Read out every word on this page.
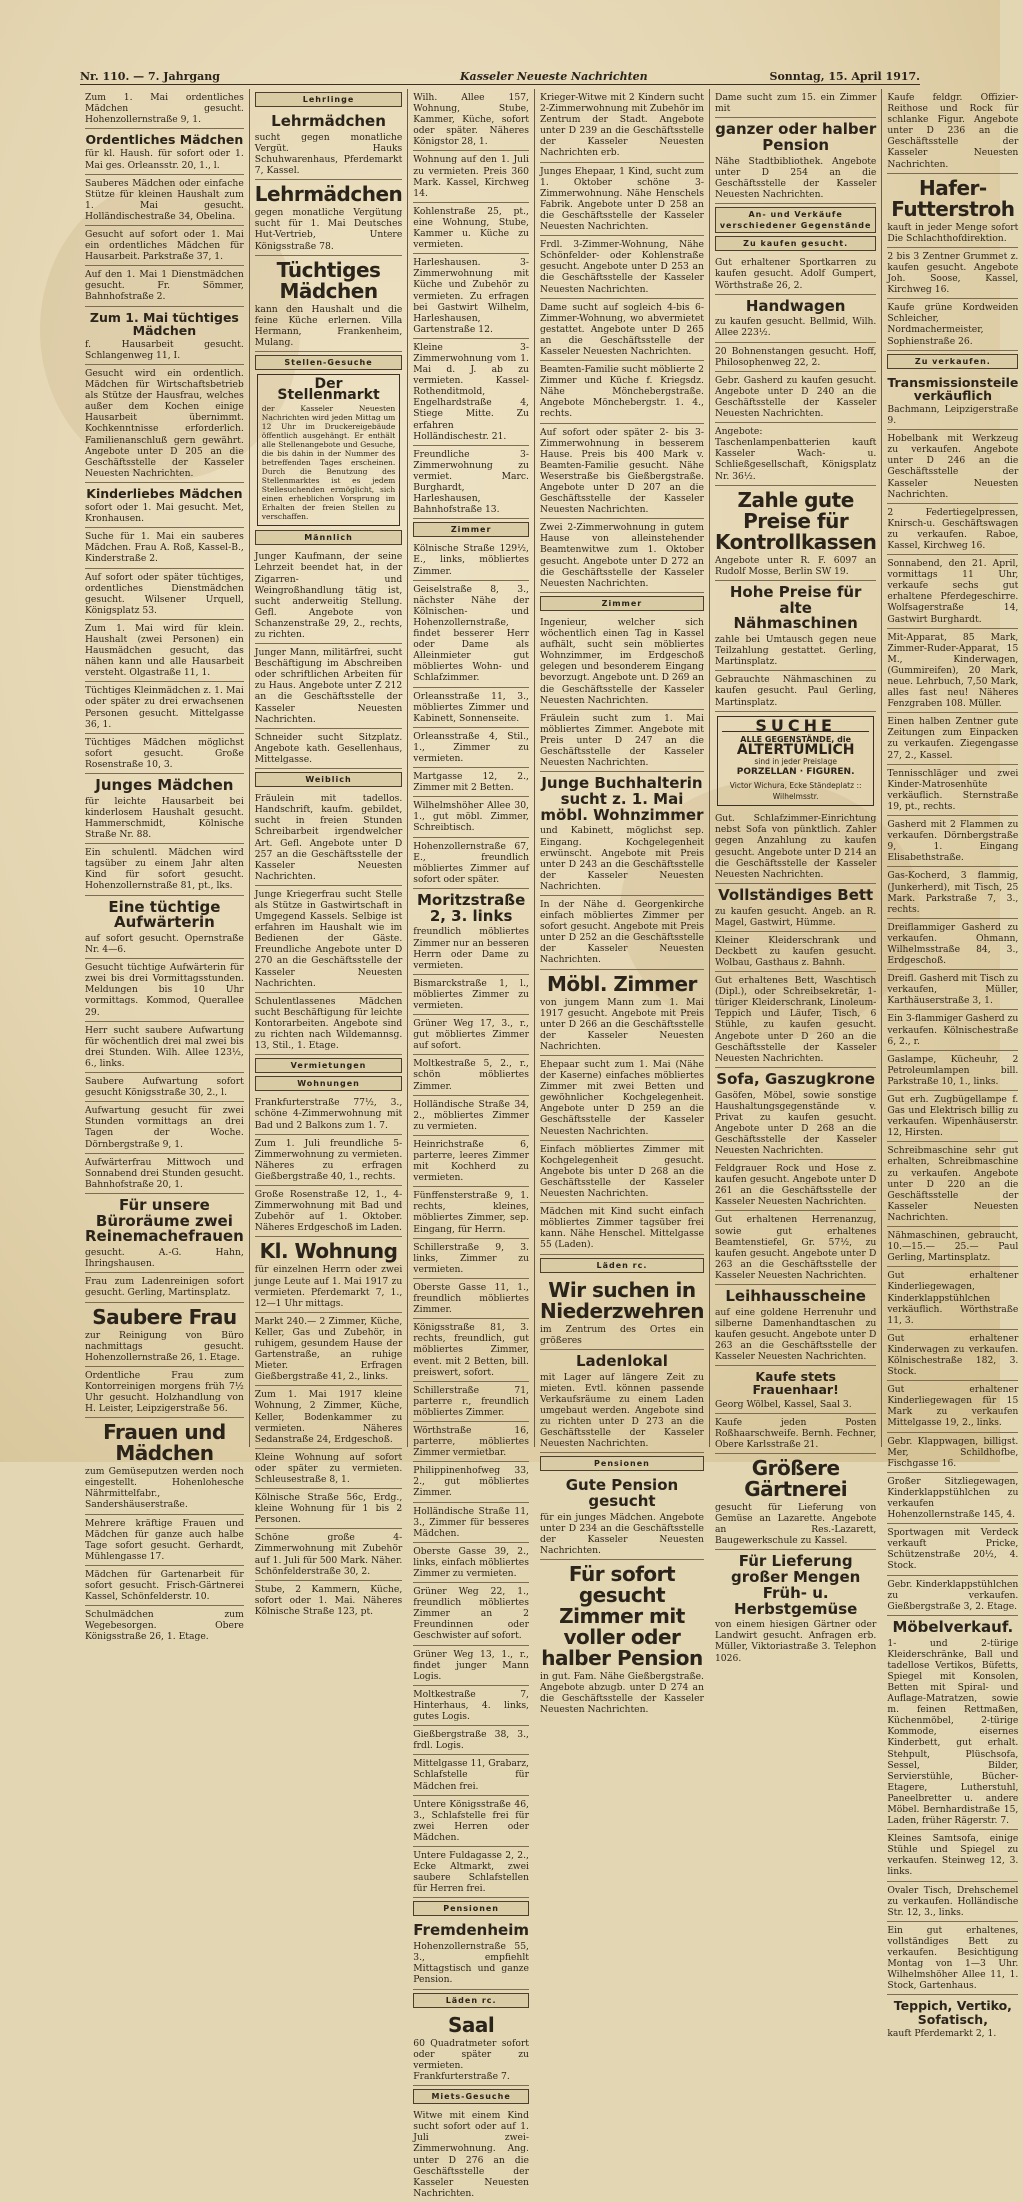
Nr. 110. — 7. Jahrgang	Kasseler Neueste Nachrichten	Sonntag, 15. April 1917.
Zum 1. Mai ordentliches Mädchen gesucht. Hohenzollernstraße 9, 1.
Ordentliches Mädchen
für kl. Haush. für sofort oder 1. Mai ges. Orleansstr. 20, 1., l.
Sauberes Mädchen oder einfache Stütze für kleinen Haushalt zum 1. Mai gesucht. Holländischestraße 34, Obelina.
Gesucht auf sofort oder 1. Mai ein ordentliches Mädchen für Hausarbeit. Parkstraße 37, 1.
Auf den 1. Mai 1 Dienstmädchen gesucht. Fr. Sömmer, Bahnhofstraße 2.
Zum 1. Mai tüchtiges Mädchen
f. Hausarbeit gesucht. Schlangenweg 11, I.
Gesucht wird ein ordentlich. Mädchen für Wirtschaftsbetrieb als Stütze der Hausfrau, welches außer dem Kochen einige Hausarbeit übernimmt. Kochkenntnisse erforderlich. Familienanschluß gern gewährt. Angebote unter D 205 an die Geschäftsstelle der Kasseler Neuesten Nachrichten.
Kinderliebes Mädchen
sofort oder 1. Mai gesucht. Met, Kronhausen.
Suche für 1. Mai ein sauberes Mädchen. Frau A. Roß, Kassel-B., Kinderstraße 2.
Auf sofort oder später tüchtiges, ordentliches Dienstmädchen gesucht. Wilsener Urquell, Königsplatz 53.
Zum 1. Mai wird für klein. Haushalt (zwei Personen) ein Hausmädchen gesucht, das nähen kann und alle Hausarbeit versteht. Olgastraße 11, 1.
Tüchtiges Kleinmädchen z. 1. Mai oder später zu drei erwachsenen Personen gesucht. Mittelgasse 36, 1.
Tüchtiges Mädchen möglichst sofort gesucht. Große Rosenstraße 10, 3.
Junges Mädchen
für leichte Hausarbeit bei kinderlosem Haushalt gesucht. Hammerschmidt, Kölnische Straße Nr. 88.
Ein schulentl. Mädchen wird tagsüber zu einem Jahr alten Kind für sofort gesucht. Hohenzollernstraße 81, pt., lks.
Eine tüchtige Aufwärterin
auf sofort gesucht. Opernstraße Nr. 4—6.
Gesucht tüchtige Aufwärterin für zwei bis drei Vormittagsstunden. Meldungen bis 10 Uhr vormittags. Kommod, Querallee 29.
Herr sucht saubere Aufwartung für wöchentlich drei mal zwei bis drei Stunden. Wilh. Allee 123½, 6., links.
Saubere Aufwartung sofort gesucht Königsstraße 30, 2., l.
Aufwartung gesucht für zwei Stunden vormittags an drei Tagen der Woche. Dörnbergstraße 9, 1.
Aufwärterfrau Mittwoch und Sonnabend drei Stunden gesucht. Bahnhofstraße 20, 1.
Für unsere Büroräume zwei Reinemachefrauen
gesucht. A.-G. Hahn, Ihringshausen.
Frau zum Ladenreinigen sofort gesucht. Gerling, Martinsplatz.
Saubere Frau
zur Reinigung von Büro nachmittags gesucht. Hohenzollernstraße 26, 1. Etage.
Ordentliche Frau zum Kontorreinigen morgens früh 7½ Uhr gesucht. Holzhandlung von H. Leister, Leipzigerstraße 56.
Frauen und Mädchen
zum Gemüseputzen werden noch eingestellt. Hohenlohesche Nährmittelfabr., Sandershäuserstraße.
Mehrere kräftige Frauen und Mädchen für ganze auch halbe Tage sofort gesucht. Gerhardt, Mühlengasse 17.
Mädchen für Gartenarbeit für sofort gesucht. Frisch-Gärtnerei Kassel, Schönfelderstr. 10.
Schulmädchen zum Wegebesorgen. Obere Königsstraße 26, 1. Etage.
Lehrlinge
Lehrmädchen
sucht gegen monatliche Vergüt. Hauks Schuhwarenhaus, Pferdemarkt 7, Kassel.
Lehrmädchen
gegen monatliche Vergütung sucht für 1. Mai Deutsches Hut-Vertrieb, Untere Königsstraße 78.
Tüchtiges Mädchen
kann den Haushalt und die feine Küche erlernen. Villa Hermann, Frankenheim, Mulang.
Stellen-Gesuche
Der Stellenmarkt
der Kasseler Neuesten Nachrichten wird jeden Mittag um 12 Uhr im Druckereigebäude öffentlich ausgehängt. Er enthält alle Stellenangebote und Gesuche, die bis dahin in der Nummer des betreffenden Tages erscheinen. Durch die Benutzung des Stellenmarktes ist es jedem Stellesuchenden ermöglicht, sich einen erheblichen Vorsprung im Erhalten der freien Stellen zu verschaffen.
Männlich
Junger Kaufmann, der seine Lehrzeit beendet hat, in der Zigarren- und Weingroßhandlung tätig ist, sucht anderweitig Stellung. Gefl. Angebote von Schanzenstraße 29, 2., rechts, zu richten.
Junger Mann, militärfrei, sucht Beschäftigung im Abschreiben oder schriftlichen Arbeiten für zu Haus. Angebote unter Z 212 an die Geschäftsstelle der Kasseler Neuesten Nachrichten.
Schneider sucht Sitzplatz. Angebote kath. Gesellenhaus, Mittelgasse.
Weiblich
Fräulein mit tadellos. Handschrift, kaufm. gebildet, sucht in freien Stunden Schreibarbeit irgendwelcher Art. Gefl. Angebote unter D 257 an die Geschäftsstelle der Kasseler Neuesten Nachrichten.
Junge Kriegerfrau sucht Stelle als Stütze in Gastwirtschaft in Umgegend Kassels. Selbige ist erfahren im Haushalt wie im Bedienen der Gäste. Freundliche Angebote unter D 270 an die Geschäftsstelle der Kasseler Neuesten Nachrichten.
Schulentlassenes Mädchen sucht Beschäftigung für leichte Kontorarbeiten. Angebote sind zu richten nach Wildemannsg. 13, Stil., 1. Etage.
Vermietungen
Wohnungen
Frankfurterstraße 77½, 3., schöne 4-Zimmerwohnung mit Bad und 2 Balkons zum 1. 7.
Zum 1. Juli freundliche 5-Zimmerwohnung zu vermieten. Näheres zu erfragen Gießbergstraße 40, 1., rechts.
Große Rosenstraße 12, 1., 4-Zimmerwohnung mit Bad und Zubehör auf 1. Oktober. Näheres Erdgeschoß im Laden.
Kl. Wohnung
für einzelnen Herrn oder zwei junge Leute auf 1. Mai 1917 zu vermieten. Pferdemarkt 7, 1., 12—1 Uhr mittags.
Markt 240.— 2 Zimmer, Küche, Keller, Gas und Zubehör, in ruhigem, gesundem Hause der Gartenstraße, an ruhige Mieter. Erfragen Gießbergstraße 41, 2., links.
Zum 1. Mai 1917 kleine Wohnung, 2 Zimmer, Küche, Keller, Bodenkammer zu vermieten. Näheres Sedanstraße 24, Erdgeschoß.
Kleine Wohnung auf sofort oder später zu vermieten. Schleusestraße 8, 1.
Kölnische Straße 56c, Erdg., kleine Wohnung für 1 bis 2 Personen.
Schöne große 4-Zimmerwohnung mit Zubehör auf 1. Juli für 500 Mark. Näher. Schönfelderstraße 30, 2.
Stube, 2 Kammern, Küche, sofort oder 1. Mai. Näheres Kölnische Straße 123, pt.
Wilh. Allee 157, Wohnung, Stube, Kammer, Küche, sofort oder später. Näheres Königstor 28, 1.
Wohnung auf den 1. Juli zu vermieten. Preis 360 Mark. Kassel, Kirchweg 14.
Kohlenstraße 25, pt., eine Wohnung, Stube, Kammer u. Küche zu vermieten.
Harleshausen. 3-Zimmerwohnung mit Küche und Zubehör zu vermieten. Zu erfragen bei Gastwirt Wilhelm, Harleshausen, Gartenstraße 12.
Kleine 3-Zimmerwohnung vom 1. Mai d. J. ab zu vermieten. Kassel-Rothenditmold, Engelhardstraße 4, Stiege Mitte. Zu erfahren Holländischestr. 21.
Freundliche 3-Zimmerwohnung zu vermiet. Marc. Burghardt, Harleshausen, Bahnhofstraße 13.
Zimmer
Kölnische Straße 129½, E., links, möbliertes Zimmer.
Geiselstraße 8, 3., nächster Nähe der Kölnischen- und Hohenzollernstraße, findet besserer Herr oder Dame als Alleinmieter gut möbliertes Wohn- und Schlafzimmer.
Orleansstraße 11, 3., möbliertes Zimmer und Kabinett, Sonnenseite.
Orleansstraße 4, Stil., 1., Zimmer zu vermieten.
Martgasse 12, 2., Zimmer mit 2 Betten.
Wilhelmshöher Allee 30, 1., gut möbl. Zimmer, Schreibtisch.
Hohenzollernstraße 67, E., freundlich möbliertes Zimmer auf sofort oder später.
Moritzstraße 2, 3. links
freundlich möbliertes Zimmer nur an besseren Herrn oder Dame zu vermieten.
Bismarckstraße 1, l., möbliertes Zimmer zu vermieten.
Grüner Weg 17, 3., r., gut möbliertes Zimmer auf sofort.
Moltkestraße 5, 2., r., schön möbliertes Zimmer.
Holländische Straße 34, 2., möbliertes Zimmer zu vermieten.
Heinrichstraße 6, parterre, leeres Zimmer mit Kochherd zu vermieten.
Fünffensterstraße 9, 1. rechts, kleines, möbliertes Zimmer, sep. Eingang, für Herrn.
Schillerstraße 9, 3. links, Zimmer zu vermieten.
Oberste Gasse 11, 1., freundlich möbliertes Zimmer.
Königsstraße 81, 3. rechts, freundlich, gut möbliertes Zimmer, event. mit 2 Betten, bill. preiswert, sofort.
Schillerstraße 71, parterre r., freundlich möbliertes Zimmer.
Wörthstraße 16, parterre, möbliertes Zimmer vermietbar.
Philippinenhofweg 33, 2., gut möbliertes Zimmer.
Holländische Straße 11, 3., Zimmer für besseres Mädchen.
Oberste Gasse 39, 2., links, einfach möbliertes Zimmer zu vermieten.
Grüner Weg 22, 1., freundlich möbliertes Zimmer an 2 Freundinnen oder Geschwister auf sofort.
Grüner Weg 13, 1., r., findet junger Mann Logis.
Moltkestraße 7, Hinterhaus, 4. links, gutes Logis.
Gießbergstraße 38, 3., frdl. Logis.
Mittelgasse 11, Grabarz, Schlafstelle für Mädchen frei.
Untere Königsstraße 46, 3., Schlafstelle frei für zwei Herren oder Mädchen.
Untere Fuldagasse 2, 2., Ecke Altmarkt, zwei saubere Schlafstellen für Herren frei.
Pensionen
Fremdenheim
Hohenzollernstraße 55, 3., empfiehlt Mittagstisch und ganze Pension.
Läden rc.
Saal
60 Quadratmeter sofort oder später zu vermieten. Frankfurterstraße 7.
Miets-Gesuche
Witwe mit einem Kind sucht sofort oder auf 1. Juli zwei-Zimmerwohnung. Ang. unter D 276 an die Geschäftsstelle der Kasseler Neuesten Nachrichten.
Krieger-Witwe mit 2 Kindern sucht 2-Zimmerwohnung mit Zubehör im Zentrum der Stadt. Angebote unter D 239 an die Geschäftsstelle der Kasseler Neuesten Nachrichten erb.
Junges Ehepaar, 1 Kind, sucht zum 1. Oktober schöne 3-Zimmerwohnung. Nähe Henschels Fabrik. Angebote unter D 258 an die Geschäftsstelle der Kasseler Neuesten Nachrichten.
Frdl. 3-Zimmer-Wohnung, Nähe Schönfelder- oder Kohlenstraße gesucht. Angebote unter D 253 an die Geschäftsstelle der Kasseler Neuesten Nachrichten.
Dame sucht auf sogleich 4-bis 6-Zimmer-Wohnung, wo abvermietet gestattet. Angebote unter D 265 an die Geschäftsstelle der Kasseler Neuesten Nachrichten.
Beamten-Familie sucht möblierte 2 Zimmer und Küche f. Kriegsdz. Nähe Mönchebergstraße. Angebote Mönchebergstr. 1. 4., rechts.
Auf sofort oder später 2- bis 3-Zimmerwohnung in besserem Hause. Preis bis 400 Mark v. Beamten-Familie gesucht. Nähe Weserstraße bis Gießbergstraße. Angebote unter D 207 an die Geschäftsstelle der Kasseler Neuesten Nachrichten.
Zwei 2-Zimmerwohnung in gutem Hause von alleinstehender Beamtenwitwe zum 1. Oktober gesucht. Angebote unter D 272 an die Geschäftsstelle der Kasseler Neuesten Nachrichten.
Zimmer
Ingenieur, welcher sich wöchentlich einen Tag in Kassel aufhält, sucht sein möbliertes Wohnzimmer, im Erdgeschoß gelegen und besonderem Eingang bevorzugt. Angebote unt. D 269 an die Geschäftsstelle der Kasseler Neuesten Nachrichten.
Fräulein sucht zum 1. Mai möbliertes Zimmer. Angebote mit Preis unter D 247 an die Geschäftsstelle der Kasseler Neuesten Nachrichten.
Junge Buchhalterin sucht z. 1. Mai möbl. Wohnzimmer
und Kabinett, möglichst sep. Eingang. Kochgelegenheit erwünscht. Angebote mit Preis unter D 243 an die Geschäftsstelle der Kasseler Neuesten Nachrichten.
In der Nähe d. Georgenkirche einfach möbliertes Zimmer per sofort gesucht. Angebote mit Preis unter D 252 an die Geschäftsstelle der Kasseler Neuesten Nachrichten.
Möbl. Zimmer
von jungem Mann zum 1. Mai 1917 gesucht. Angebote mit Preis unter D 266 an die Geschäftsstelle der Kasseler Neuesten Nachrichten.
Ehepaar sucht zum 1. Mai (Nähe der Kaserne) einfaches möbliertes Zimmer mit zwei Betten und gewöhnlicher Kochgelegenheit. Angebote unter D 259 an die Geschäftsstelle der Kasseler Neuesten Nachrichten.
Einfach möbliertes Zimmer mit Kochgelegenheit gesucht. Angebote bis unter D 268 an die Geschäftsstelle der Kasseler Neuesten Nachrichten.
Mädchen mit Kind sucht einfach möbliertes Zimmer tagsüber frei kann. Nähe Henschel. Mittelgasse 55 (Laden).
Läden rc.
Wir suchen in Niederzwehren
im Zentrum des Ortes ein größeres
Ladenlokal
mit Lager auf längere Zeit zu mieten. Evtl. können passende Verkaufsräume zu einem Laden umgebaut werden. Angebote sind zu richten unter D 273 an die Geschäftsstelle der Kasseler Neuesten Nachrichten.
Pensionen
Gute Pension gesucht
für ein junges Mädchen. Angebote unter D 234 an die Geschäftsstelle der Kasseler Neuesten Nachrichten.
Für sofort gesucht Zimmer mit voller oder halber Pension
in gut. Fam. Nähe Gießbergstraße. Angebote abzugb. unter D 274 an die Geschäftsstelle der Kasseler Neuesten Nachrichten.
Dame sucht zum 15. ein Zimmer mit
ganzer oder halber Pension
Nähe Stadtbibliothek. Angebote unter D 254 an die Geschäftsstelle der Kasseler Neuesten Nachrichten.
An- und Verkäufe verschiedener Gegenstände
Zu kaufen gesucht.
Gut erhaltener Sportkarren zu kaufen gesucht. Adolf Gumpert, Wörthstraße 26, 2.
Handwagen
zu kaufen gesucht. Bellmid, Wilh. Allee 223½.
20 Bohnenstangen gesucht. Hoff, Philosophenweg 22, 2.
Gebr. Gasherd zu kaufen gesucht. Angebote unter D 240 an die Geschäftsstelle der Kasseler Neuesten Nachrichten.
Angebote: Taschenlampenbatterien kauft Kasseler Wach- u. Schließgesellschaft, Königsplatz Nr. 36½.
Zahle gute Preise für Kontrollkassen
Angebote unter R. F. 6097 an Rudolf Mosse, Berlin SW 19.
Hohe Preise für alte Nähmaschinen
zahle bei Umtausch gegen neue Teilzahlung gestattet. Gerling, Martinsplatz.
Gebrauchte Nähmaschinen zu kaufen gesucht. Paul Gerling, Martinsplatz.
SUCHE
ALLE GEGENSTÄNDE, die
ALTERTÜMLICH
sind in jeder Preislage
PORZELLAN · FIGUREN.
Victor Wichura, Ecke Ständeplatz :: Wilhelmsstr.
Gut. Schlafzimmer-Einrichtung nebst Sofa von pünktlich. Zahler gegen Anzahlung zu kaufen gesucht. Angebote unter D 214 an die Geschäftsstelle der Kasseler Neuesten Nachrichten.
Vollständiges Bett
zu kaufen gesucht. Angeb. an R. Magel, Gastwirt, Hümme.
Kleiner Kleiderschrank und Deckbett zu kaufen gesucht. Wolbau, Gasthaus z. Bahnh.
Gut erhaltenes Bett, Waschtisch (Dipl.), oder Schreibsekretär, 1-türiger Kleiderschrank, Linoleum-Teppich und Läufer, Tisch, 6 Stühle, zu kaufen gesucht. Angebote unter D 260 an die Geschäftsstelle der Kasseler Neuesten Nachrichten.
Sofa, Gaszugkrone
Gasöfen, Möbel, sowie sonstige Haushaltungsgegenstände v. Privat zu kaufen gesucht. Angebote unter D 268 an die Geschäftsstelle der Kasseler Neuesten Nachrichten.
Feldgrauer Rock und Hose z. kaufen gesucht. Angebote unter D 261 an die Geschäftsstelle der Kasseler Neuesten Nachrichten.
Gut erhaltenen Herrenanzug, sowie gut erhaltenes Beamtenstiefel, Gr. 57½, zu kaufen gesucht. Angebote unter D 263 an die Geschäftsstelle der Kasseler Neuesten Nachrichten.
Leihhausscheine
auf eine goldene Herrenuhr und silberne Damenhandtaschen zu kaufen gesucht. Angebote unter D 263 an die Geschäftsstelle der Kasseler Neuesten Nachrichten.
Kaufe stets Frauenhaar!
Georg Wölbel, Kassel, Saal 3.
Kaufe jeden Posten Roßhaarschweife. Bernh. Fechner, Obere Karlsstraße 21.
Größere Gärtnerei
gesucht für Lieferung von Gemüse an Lazarette. Angebote an Res.-Lazarett, Baugewerkschule zu Kassel.
Für Lieferung großer Mengen Früh- u. Herbstgemüse
von einem hiesigen Gärtner oder Landwirt gesucht. Anfragen erb. Müller, Viktoriastraße 3. Telephon 1026.
Kaufe feldgr. Offizier-Reithose und Rock für schlanke Figur. Angebote unter D 236 an die Geschäftsstelle der Kasseler Neuesten Nachrichten.
Hafer-Futterstroh
kauft in jeder Menge sofort Die Schlachthofdirektion.
2 bis 3 Zentner Grummet z. kaufen gesucht. Angebote Joh. Soose, Kassel, Kirchweg 16.
Kaufe grüne Kordweiden Schleicher, Nordmachermeister, Sophienstraße 26.
Zu verkaufen.
Transmissionsteile verkäuflich
Bachmann, Leipzigerstraße 9.
Hobelbank mit Werkzeug zu verkaufen. Angebote unter D 246 an die Geschäftsstelle der Kasseler Neuesten Nachrichten.
2 Federtiegelpressen, Knirsch-u. Geschäftswagen zu verkaufen. Raboe, Kassel, Kirchweg 16.
Sonnabend, den 21. April, vormittags 11 Uhr, verkaufe sechs gut erhaltene Pferdegeschirre. Wolfsagerstraße 14, Gastwirt Burghardt.
Mit-Apparat, 85 Mark, Zimmer-Ruder-Apparat, 15 M., Kinderwagen, (Gummireifen), 20 Mark, neue. Lehrbuch, 7,50 Mark, alles fast neu! Näheres Fenzgraben 108. Müller.
Einen halben Zentner gute Zeitungen zum Einpacken zu verkaufen. Ziegengasse 27, 2., Kassel.
Tennisschläger und zwei Kinder-Matrosenhüte verkäuflich. Sternstraße 19, pt., rechts.
Gasherd mit 2 Flammen zu verkaufen. Dörnbergstraße 9, 1. Eingang Elisabethstraße.
Gas-Kocherd, 3 flammig, (Junkerherd), mit Tisch, 25 Mark. Parkstraße 7, 3., rechts.
Dreiflammiger Gasherd zu verkaufen. Ohmann, Wilhelmsstraße 84, 3., Erdgeschoß.
Dreifl. Gasherd mit Tisch zu verkaufen, Müller, Karthäuserstraße 3, 1.
Ein 3-flammiger Gasherd zu verkaufen. Kölnischestraße 6, 2., r.
Gaslampe, Kücheuhr, 2 Petroleumlampen bill. Parkstraße 10, 1., links.
Gut erh. Zugbügellampe f. Gas und Elektrisch billig zu verkaufen. Wipenhäuserstr. 12, Hirsten.
Schreibmaschine sehr gut erhalten, Schreibmaschine zu verkaufen. Angebote unter D 220 an die Geschäftsstelle der Kasseler Neuesten Nachrichten.
Nähmaschinen, gebraucht, 10.—15.— 25.— Paul Gerling, Martinsplatz.
Gut erhaltener Kinderliegewagen, Kinderklappstühlchen verkäuflich. Wörthstraße 11, 3.
Gut erhaltener Kinderwagen zu verkaufen. Kölnischestraße 182, 3. Stock.
Gut erhaltener Kinderliegewagen für 15 Mark zu verkaufen Mittelgasse 19, 2., links.
Gebr. Klappwagen, billigst. Mer, Schildhofbe, Fischgasse 16.
Großer Sitzliegewagen, Kinderklappstühlchen zu verkaufen Hohenzollernstraße 145, 4.
Sportwagen mit Verdeck verkauft Pricke, Schützenstraße 20½, 4. Stock.
Gebr. Kinderklappstühlchen zu verkaufen. Gießbergstraße 3, 2. Etage.
Möbelverkauf.
1- und 2-türige Kleiderschränke, Ball und tadellose Vertikos, Büfetts, Spiegel mit Konsolen, Betten mit Spiral- und Auflage-Matratzen, sowie m. feinen Rettmaßen, Küchenmöbel, 2-türige Kommode, eisernes Kinderbett, gut erhalt. Stehpult, Plüschsofa, Sessel, Bilder, Servierstühle, Bücher-Etagere, Lutherstuhl, Paneelbretter u. andere Möbel. Bernhardistraße 15, Laden, früher Rägerstr. 7.
Kleines Samtsofa, einige Stühle und Spiegel zu verkaufen. Steinweg 12, 3. links.
Ovaler Tisch, Drehschemel zu verkaufen. Holländische Str. 12, 3., links.
Ein gut erhaltenes, vollständiges Bett zu verkaufen. Besichtigung Montag von 1—3 Uhr. Wilhelmshöher Allee 11, 1. Stock, Gartenhaus.
Teppich, Vertiko, Sofatisch,
kauft Pferdemarkt 2, 1.
